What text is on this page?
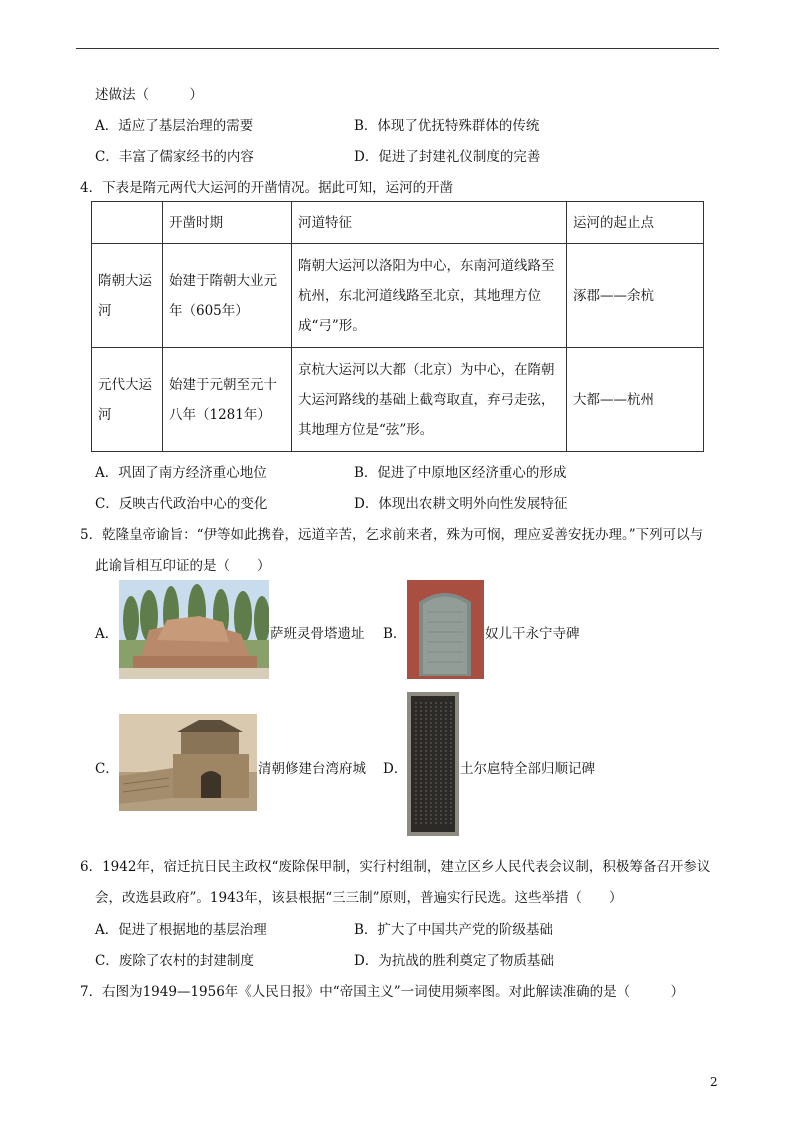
述做法（　　　）
A．适应了基层治理的需要	B．体现了优抚特殊群体的传统
C．丰富了儒家经书的内容	D．促进了封建礼仪制度的完善
4．下表是隋元两代大运河的开凿情况。据此可知，运河的开凿
	开凿时期	河道特征	运河的起止点
隋朝大运河	始建于隋朝大业元年（605年）	隋朝大运河以洛阳为中心，东南河道线路至杭州，东北河道线路至北京，其地理方位成“弓”形。	涿郡——余杭
元代大运河	始建于元朝至元十八年（1281年）	京杭大运河以大都（北京）为中心，在隋朝大运河路线的基础上截弯取直，弃弓走弦，其地理方位是“弦”形。	大都——杭州
A．巩固了南方经济重心地位	B．促进了中原地区经济重心的形成
C．反映古代政治中心的变化	D．体现出农耕文明外向性发展特征
5．乾隆皇帝谕旨：“伊等如此携眷，远道辛苦，乞求前来者，殊为可悯，理应妥善安抚办理。”下列可以与
此谕旨相互印证的是（　　）
A．	萨班灵骨塔遗址 B．	奴儿干永宁寺碑
C．	清朝修建台湾府城 D．	土尔扈特全部归顺记碑
6．1942年，宿迁抗日民主政权“废除保甲制，实行村组制，建立区乡人民代表会议制，积极筹备召开参议
会，改选县政府”。1943年，该县根据“三三制”原则，普遍实行民选。这些举措（　　）
A．促进了根据地的基层治理	B．扩大了中国共产党的阶级基础
C．废除了农村的封建制度	D．为抗战的胜利奠定了物质基础
7．右图为1949—1956年《人民日报》中“帝国主义”一词使用频率图。对此解读准确的是（　　　）
2
